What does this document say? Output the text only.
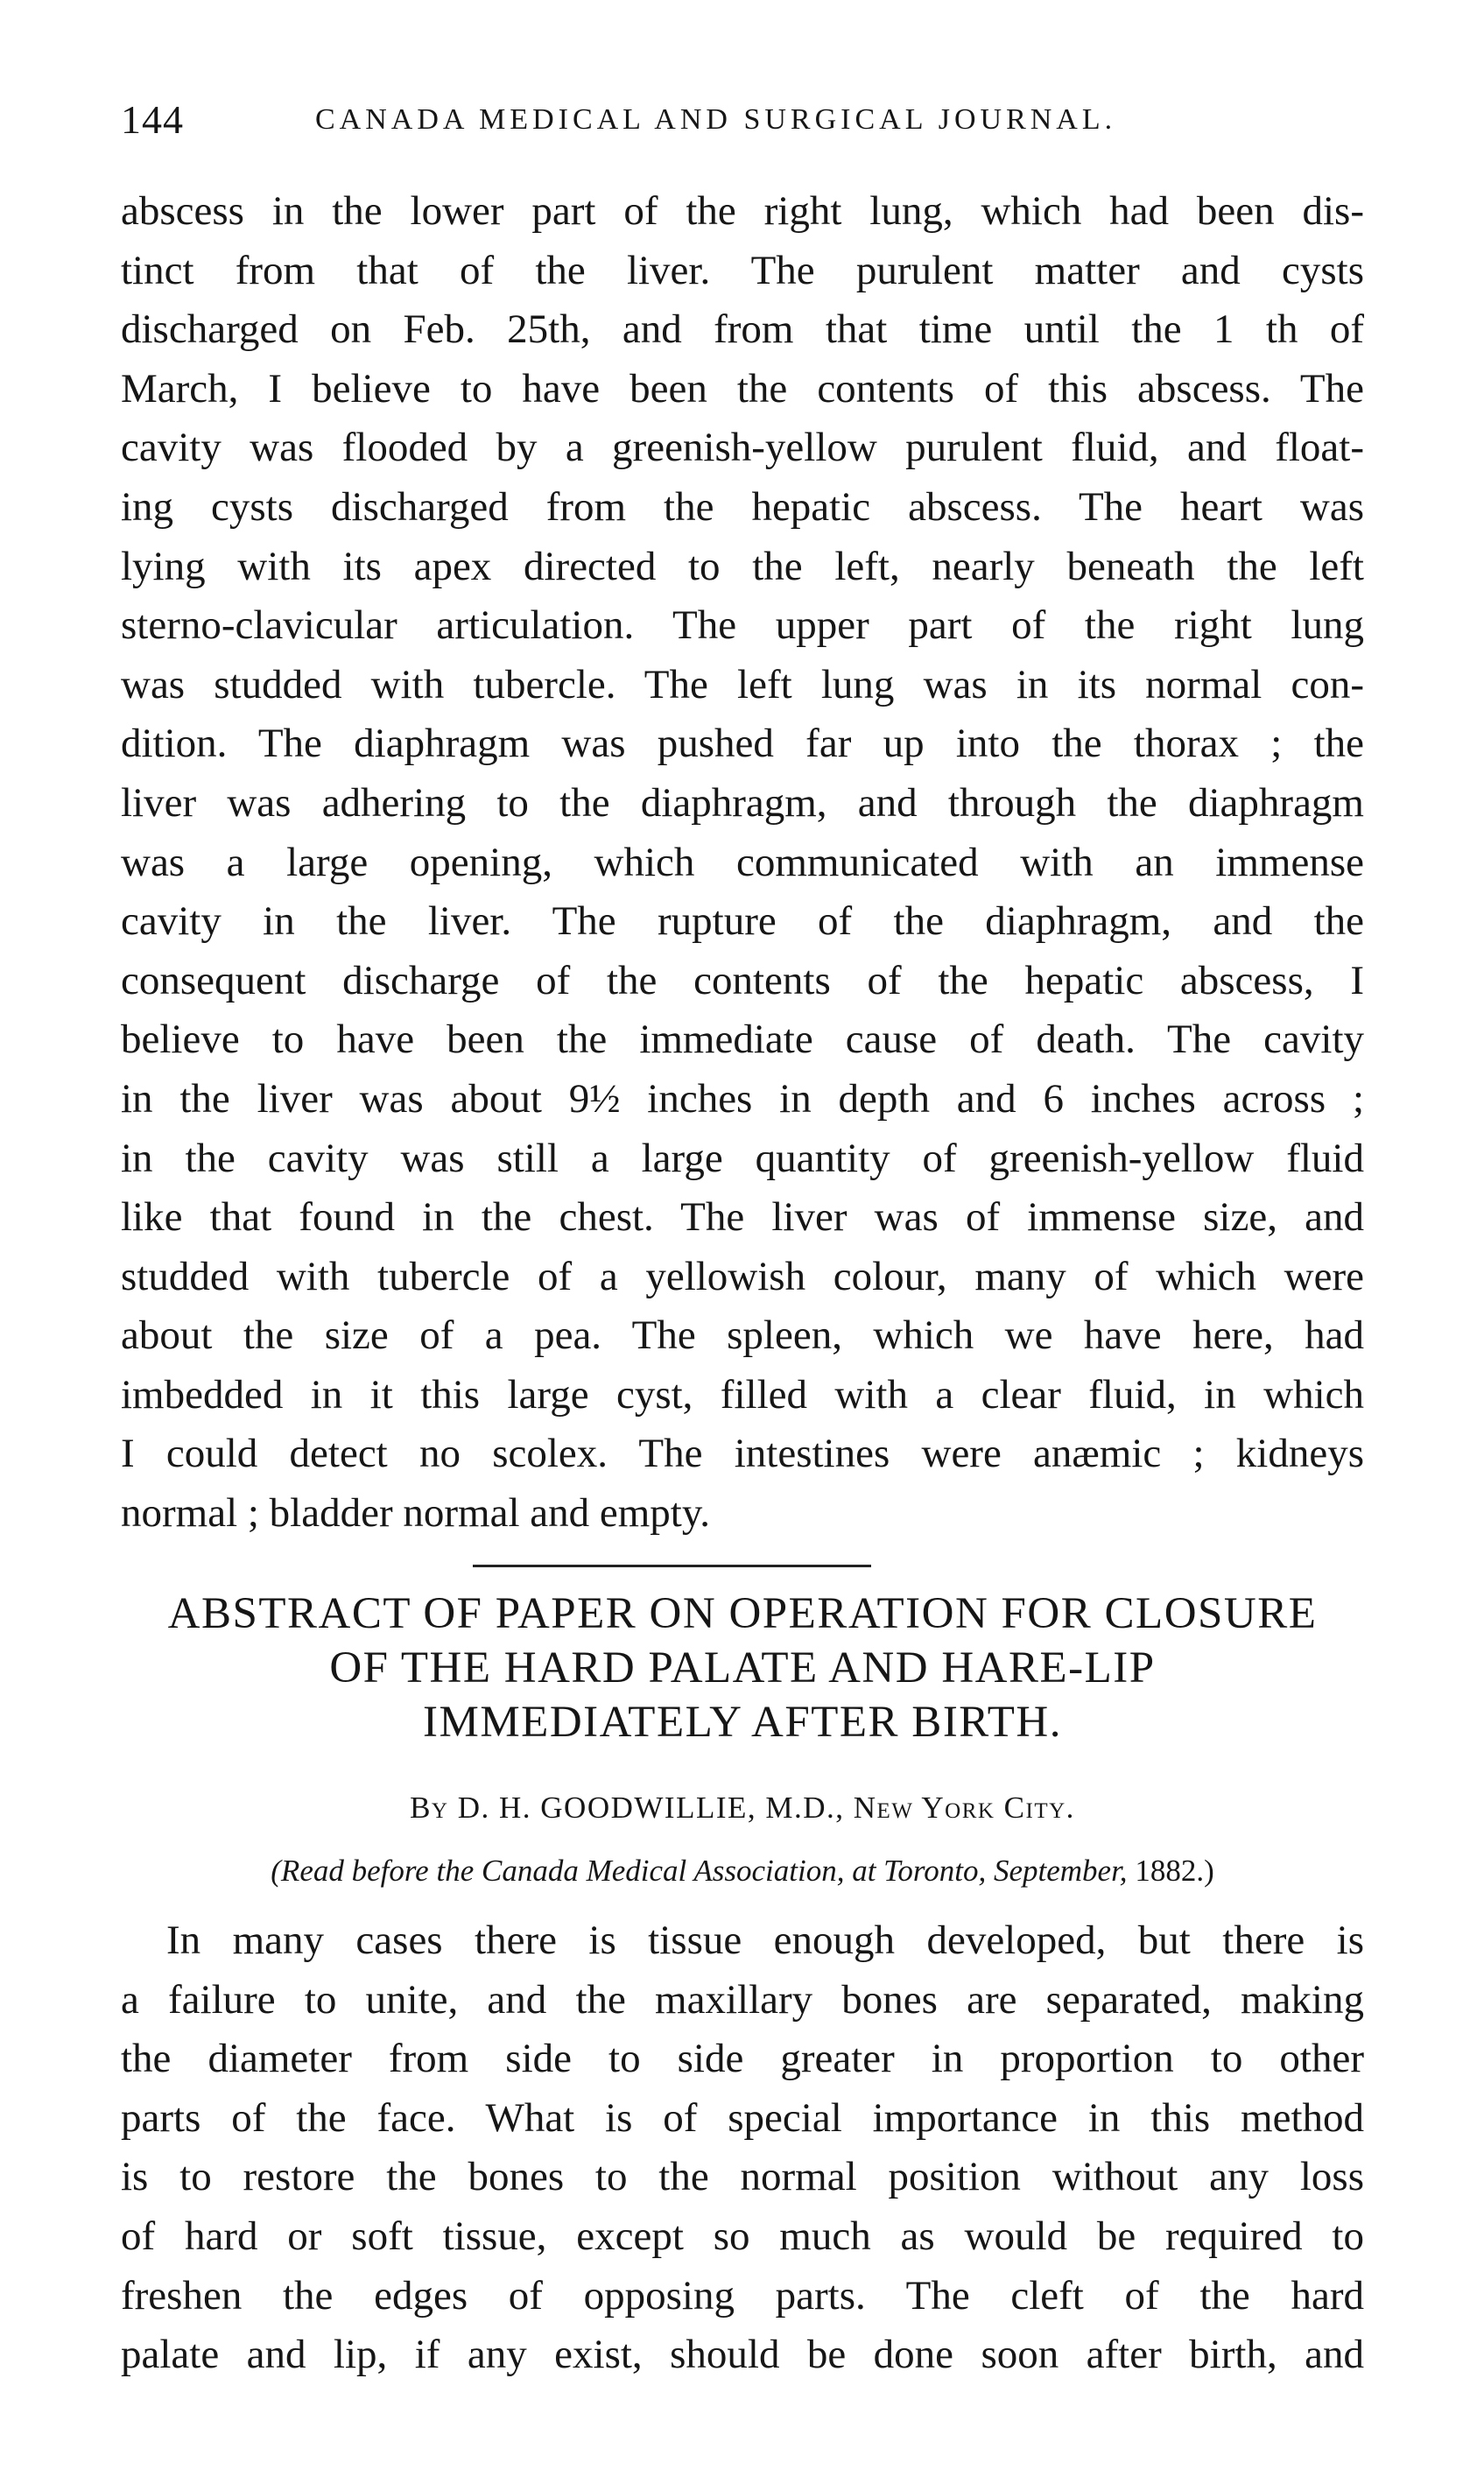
144	CANADA MEDICAL AND SURGICAL JOURNAL.
abscess in the lower part of the right lung, which had been dis-
tinct from that of the liver. The purulent matter and cysts
discharged on Feb. 25th, and from that time until the 1 th of
March, I believe to have been the contents of this abscess. The
cavity was flooded by a greenish-yellow purulent fluid, and float-
ing cysts discharged from the hepatic abscess. The heart was
lying with its apex directed to the left, nearly beneath the left
sterno-clavicular articulation. The upper part of the right lung
was studded with tubercle. The left lung was in its normal con-
dition. The diaphragm was pushed far up into the thorax ; the
liver was adhering to the diaphragm, and through the diaphragm
was a large opening, which communicated with an immense
cavity in the liver. The rupture of the diaphragm, and the
consequent discharge of the contents of the hepatic abscess, I
believe to have been the immediate cause of death. The cavity
in the liver was about 9½ inches in depth and 6 inches across ;
in the cavity was still a large quantity of greenish-yellow fluid
like that found in the chest. The liver was of immense size, and
studded with tubercle of a yellowish colour, many of which were
about the size of a pea. The spleen, which we have here, had
imbedded in it this large cyst, filled with a clear fluid, in which
I could detect no scolex. The intestines were anæmic ; kidneys
normal ; bladder normal and empty.
ABSTRACT OF PAPER ON OPERATION FOR CLOSURE
OF THE HARD PALATE AND HARE-LIP
IMMEDIATELY AFTER BIRTH.
By D. H. GOODWILLIE, M.D., New York City.
(Read before the Canada Medical Association, at Toronto, September, 1882.)
In many cases there is tissue enough developed, but there is
a failure to unite, and the maxillary bones are separated, making
the diameter from side to side greater in proportion to other
parts of the face. What is of special importance in this method
is to restore the bones to the normal position without any loss
of hard or soft tissue, except so much as would be required to
freshen the edges of opposing parts. The cleft of the hard
palate and lip, if any exist, should be done soon after birth, and
